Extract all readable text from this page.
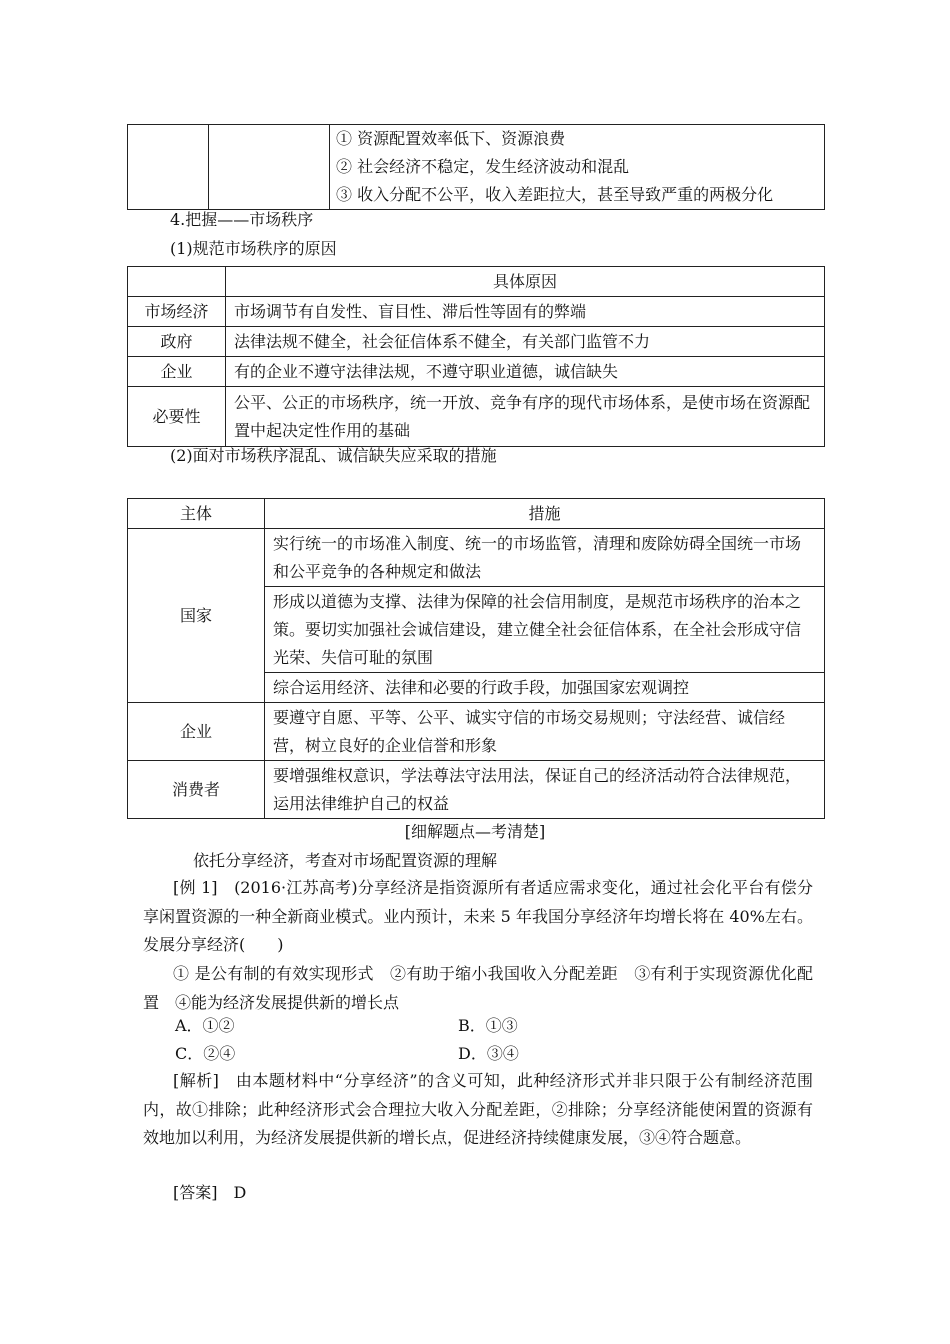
① 资源配置效率低下、资源浪费
② 社会经济不稳定，发生经济波动和混乱
③ 收入分配不公平，收入差距拉大，甚至导致严重的两极分化
4.把握——市场秩序
(1)规范市场秩序的原因
	具体原因
市场经济	市场调节有自发性、盲目性、滞后性等固有的弊端
政府	法律法规不健全，社会征信体系不健全，有关部门监管不力
企业	有的企业不遵守法律法规，不遵守职业道德，诚信缺失
必要性	公平、公正的市场秩序，统一开放、竞争有序的现代市场体系，是使市场在资源配置中起决定性作用的基础
(2)面对市场秩序混乱、诚信缺失应采取的措施
主体	措施
国家	实行统一的市场准入制度、统一的市场监管，清理和废除妨碍全国统一市场和公平竞争的各种规定和做法
	形成以道德为支撑、法律为保障的社会信用制度，是规范市场秩序的治本之策。要切实加强社会诚信建设，建立健全社会征信体系，在全社会形成守信光荣、失信可耻的氛围
	综合运用经济、法律和必要的行政手段，加强国家宏观调控
企业	要遵守自愿、平等、公平、诚实守信的市场交易规则；守法经营、诚信经营，树立良好的企业信誉和形象
消费者	要增强维权意识，学法尊法守法用法，保证自己的经济活动符合法律规范，运用法律维护自己的权益
[细解题点—考清楚]
依托分享经济，考查对市场配置资源的理解
[例 1]　(2016·江苏高考)分享经济是指资源所有者适应需求变化，通过社会化平台有偿分享闲置资源的一种全新商业模式。业内预计，未来 5 年我国分享经济年均增长将在 40%左右。发展分享经济(　　)
① 是公有制的有效实现形式　②有助于缩小我国收入分配差距　③有利于实现资源优化配置　④能为经济发展提供新的增长点
A．①②	B．①③
C．②④	D．③④
[解析]　由本题材料中“分享经济”的含义可知，此种经济形式并非只限于公有制经济范围内，故①排除；此种经济形式会合理拉大收入分配差距，②排除；分享经济能使闲置的资源有效地加以利用，为经济发展提供新的增长点，促进经济持续健康发展，③④符合题意。
[答案]  D
